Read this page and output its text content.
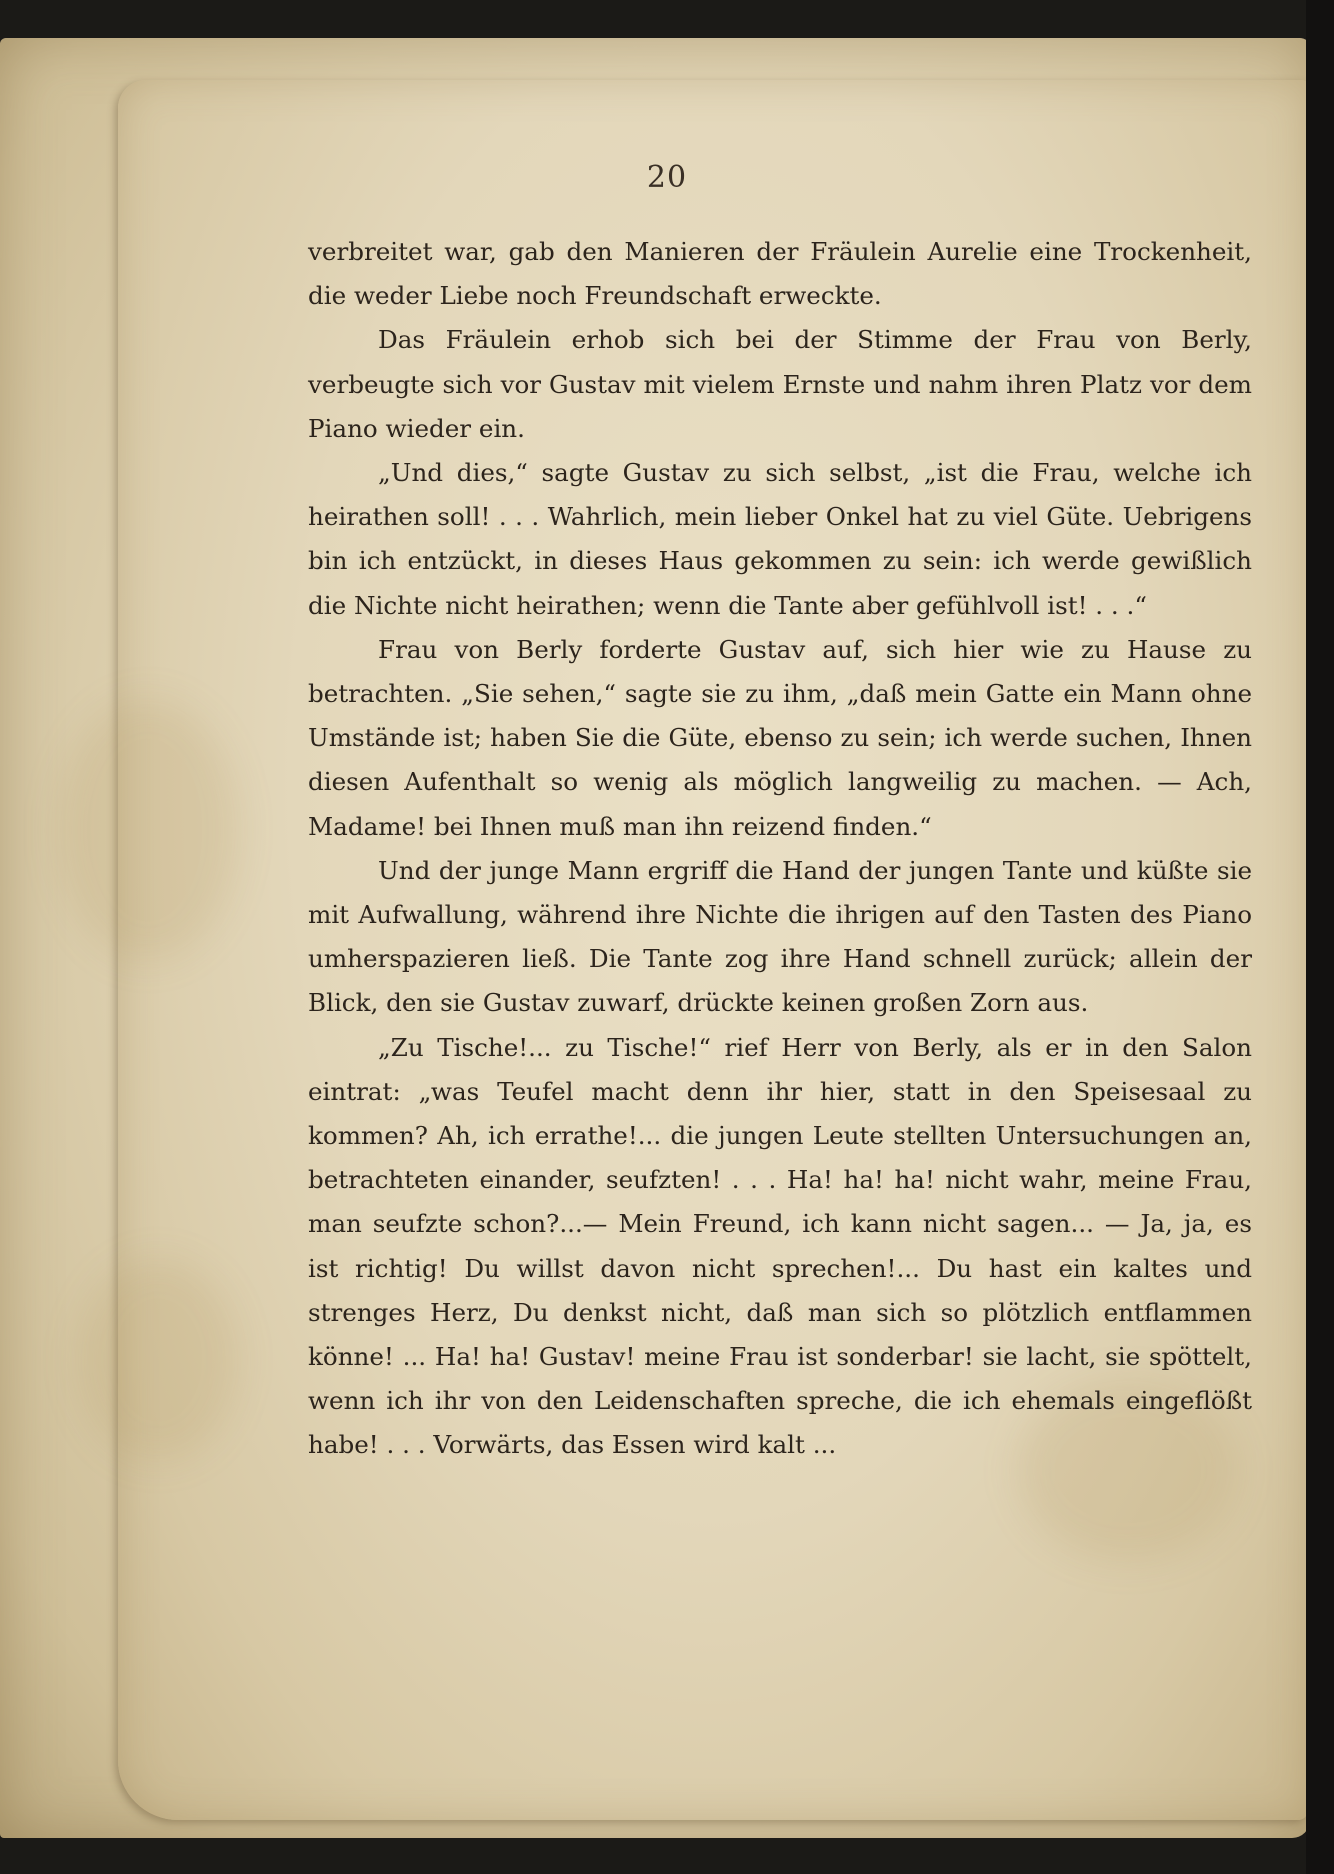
20

verbreitet war, gab den Manieren der Fräulein Aurelie eine Trockenheit, die weder Liebe noch Freundschaft erweckte.

Das Fräulein erhob sich bei der Stimme der Frau von Berly, verbeugte sich vor Gustav mit vielem Ernste und nahm ihren Platz vor dem Piano wieder ein.

„Und dies,“ sagte Gustav zu sich selbst, „ist die Frau, welche ich heirathen soll! . . . Wahrlich, mein lieber Onkel hat zu viel Güte. Uebrigens bin ich entzückt, in dieses Haus gekommen zu sein: ich werde gewißlich die Nichte nicht heirathen; wenn die Tante aber gefühlvoll ist! . . .“

Frau von Berly forderte Gustav auf, sich hier wie zu Hause zu betrachten. „Sie sehen,“ sagte sie zu ihm, „daß mein Gatte ein Mann ohne Umstände ist; haben Sie die Güte, ebenso zu sein; ich werde suchen, Ihnen diesen Aufenthalt so wenig als möglich langweilig zu machen. — Ach, Madame! bei Ihnen muß man ihn reizend finden.“

Und der junge Mann ergriff die Hand der jungen Tante und küßte sie mit Aufwallung, während ihre Nichte die ihrigen auf den Tasten des Piano umherspazieren ließ. Die Tante zog ihre Hand schnell zurück; allein der Blick, den sie Gustav zuwarf, drückte keinen großen Zorn aus.

„Zu Tische!... zu Tische!“ rief Herr von Berly, als er in den Salon eintrat: „was Teufel macht denn ihr hier, statt in den Speisesaal zu kommen? Ah, ich errathe!... die jungen Leute stellten Untersuchungen an, betrachteten einander, seufzten! . . . Ha! ha! ha! nicht wahr, meine Frau, man seufzte schon?...— Mein Freund, ich kann nicht sagen... — Ja, ja, es ist richtig! Du willst davon nicht sprechen!... Du hast ein kaltes und strenges Herz, Du denkst nicht, daß man sich so plötzlich entflammen könne! ... Ha! ha! Gustav! meine Frau ist sonderbar! sie lacht, sie spöttelt, wenn ich ihr von den Leidenschaften spreche, die ich ehemals eingeflößt habe! . . . Vorwärts, das Essen wird kalt ...
